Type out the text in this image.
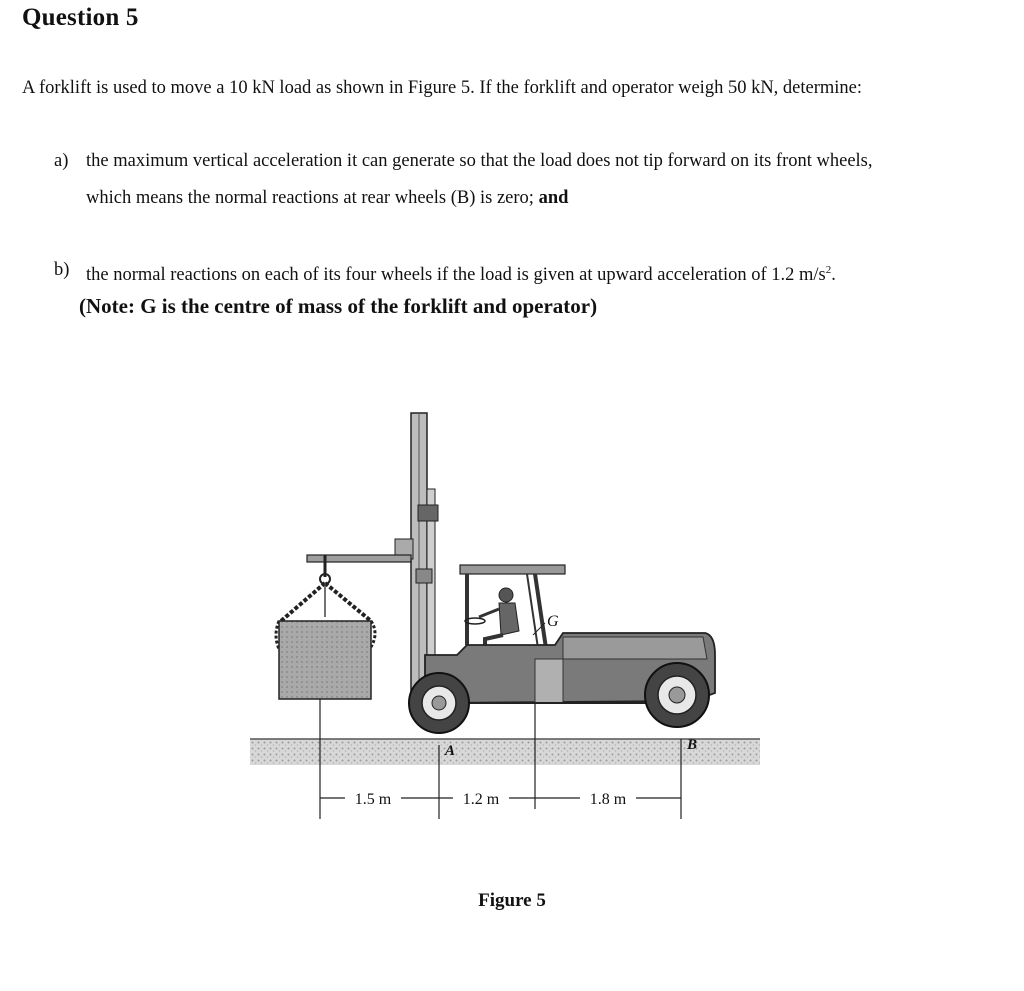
Question 5
A forklift is used to move a 10 kN load as shown in Figure 5. If the forklift and operator weigh 50 kN, determine:
a) the maximum vertical acceleration it can generate so that the load does not tip forward on its front wheels,
which means the normal reactions at rear wheels (B) is zero; and
b) the normal reactions on each of its four wheels if the load is given at upward acceleration of 1.2 $m/s^2$.
(Note: G is the centre of mass of the forklift and operator)
G
A	B
1.5 m	1.2 m	1.8 m
Figure 5
